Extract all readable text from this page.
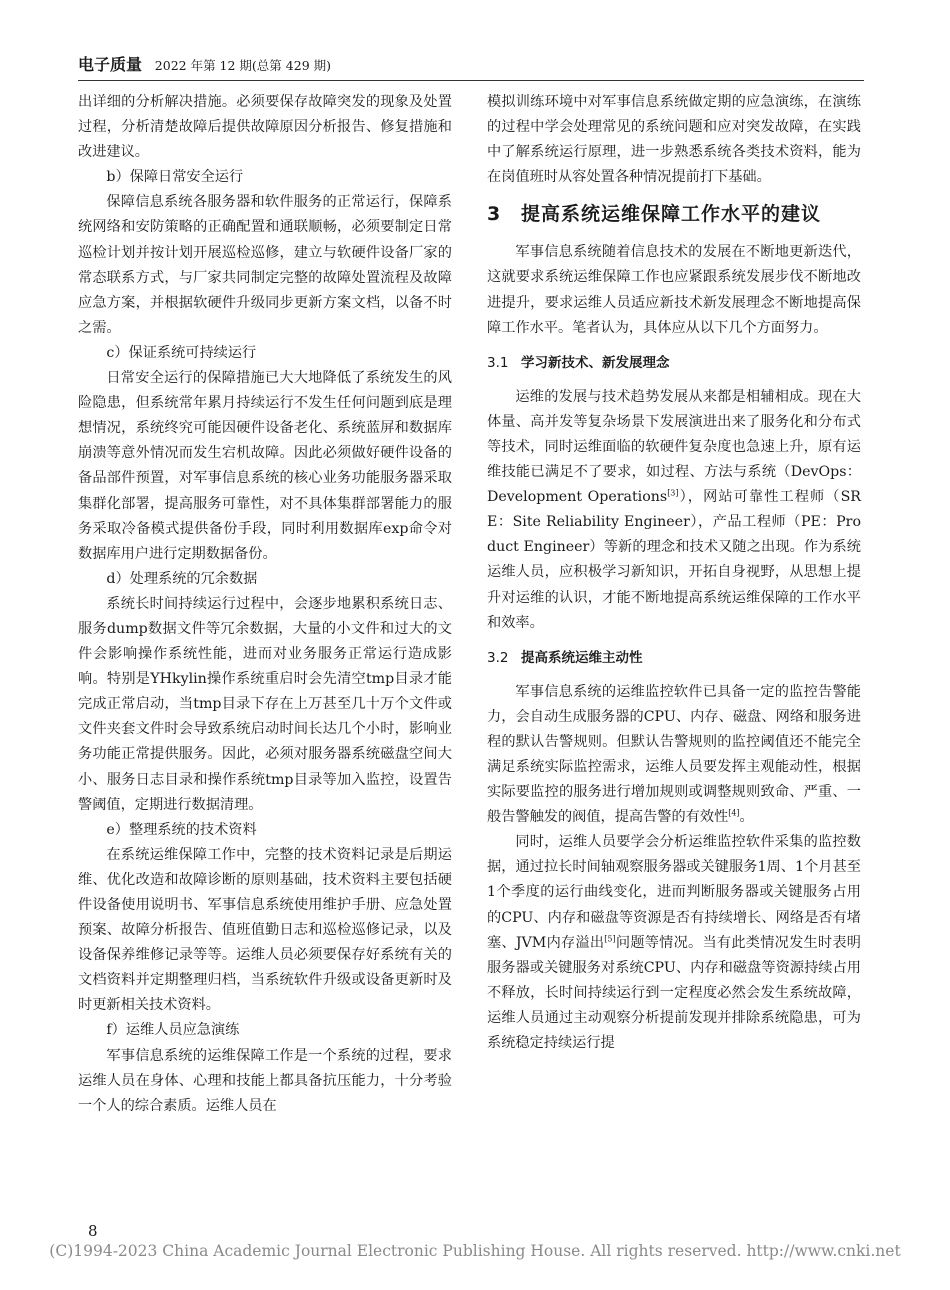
电子质量 2022 年第 12 期(总第 429 期)

出详细的分析解决措施。必须要保存故障突发的现象及处置过程，分析清楚故障后提供故障原因分析报告、修复措施和改进建议。

b）保障日常安全运行

保障信息系统各服务器和软件服务的正常运行，保障系统网络和安防策略的正确配置和通联顺畅，必须要制定日常巡检计划并按计划开展巡检巡修，建立与软硬件设备厂家的常态联系方式，与厂家共同制定完整的故障处置流程及故障应急方案，并根据软硬件升级同步更新方案文档，以备不时之需。

c）保证系统可持续运行

日常安全运行的保障措施已大大地降低了系统发生的风险隐患，但系统常年累月持续运行不发生任何问题到底是理想情况，系统终究可能因硬件设备老化、系统蓝屏和数据库崩溃等意外情况而发生宕机故障。因此必须做好硬件设备的备品部件预置，对军事信息系统的核心业务功能服务器采取集群化部署，提高服务可靠性，对不具体集群部署能力的服务采取冷备模式提供备份手段，同时利用数据库exp命令对数据库用户进行定期数据备份。

d）处理系统的冗余数据

系统长时间持续运行过程中，会逐步地累积系统日志、服务dump数据文件等冗余数据，大量的小文件和过大的文件会影响操作系统性能，进而对业务服务正常运行造成影响。特别是YHkylin操作系统重启时会先清空tmp目录才能完成正常启动，当tmp目录下存在上万甚至几十万个文件或文件夹套文件时会导致系统启动时间长达几个小时，影响业务功能正常提供服务。因此，必须对服务器系统磁盘空间大小、服务日志目录和操作系统tmp目录等加入监控，设置告警阈值，定期进行数据清理。

e）整理系统的技术资料

在系统运维保障工作中，完整的技术资料记录是后期运维、优化改造和故障诊断的原则基础，技术资料主要包括硬件设备使用说明书、军事信息系统使用维护手册、应急处置预案、故障分析报告、值班值勤日志和巡检巡修记录，以及设备保养维修记录等等。运维人员必须要保存好系统有关的文档资料并定期整理归档，当系统软件升级或设备更新时及时更新相关技术资料。

f）运维人员应急演练

军事信息系统的运维保障工作是一个系统的过程，要求运维人员在身体、心理和技能上都具备抗压能力，十分考验一个人的综合素质。运维人员在

模拟训练环境中对军事信息系统做定期的应急演练，在演练的过程中学会处理常见的系统问题和应对突发故障，在实践中了解系统运行原理，进一步熟悉系统各类技术资料，能为在岗值班时从容处置各种情况提前打下基础。

3 提高系统运维保障工作水平的建议

军事信息系统随着信息技术的发展在不断地更新迭代，这就要求系统运维保障工作也应紧跟系统发展步伐不断地改进提升，要求运维人员适应新技术新发展理念不断地提高保障工作水平。笔者认为，具体应从以下几个方面努力。

3.1 学习新技术、新发展理念

运维的发展与技术趋势发展从来都是相辅相成。现在大体量、高并发等复杂场景下发展演进出来了服务化和分布式等技术，同时运维面临的软硬件复杂度也急速上升，原有运维技能已满足不了要求，如过程、方法与系统（DevOps：Development Operations[3]），网站可靠性工程师（SRE：Site Reliability Engineer），产品工程师（PE：Product Engineer）等新的理念和技术又随之出现。作为系统运维人员，应积极学习新知识，开拓自身视野，从思想上提升对运维的认识，才能不断地提高系统运维保障的工作水平和效率。

3.2 提高系统运维主动性

军事信息系统的运维监控软件已具备一定的监控告警能力，会自动生成服务器的CPU、内存、磁盘、网络和服务进程的默认告警规则。但默认告警规则的监控阈值还不能完全满足系统实际监控需求，运维人员要发挥主观能动性，根据实际要监控的服务进行增加规则或调整规则致命、严重、一般告警触发的阀值，提高告警的有效性[4]。

同时，运维人员要学会分析运维监控软件采集的监控数据，通过拉长时间轴观察服务器或关键服务1周、1个月甚至1个季度的运行曲线变化，进而判断服务器或关键服务占用的CPU、内存和磁盘等资源是否有持续增长、网络是否有堵塞、JVM内存溢出[5]问题等情况。当有此类情况发生时表明服务器或关键服务对系统CPU、内存和磁盘等资源持续占用不释放，长时间持续运行到一定程度必然会发生系统故障，运维人员通过主动观察分析提前发现并排除系统隐患，可为系统稳定持续运行提

8
(C)1994-2023 China Academic Journal Electronic Publishing House. All rights reserved. http://www.cnki.net
